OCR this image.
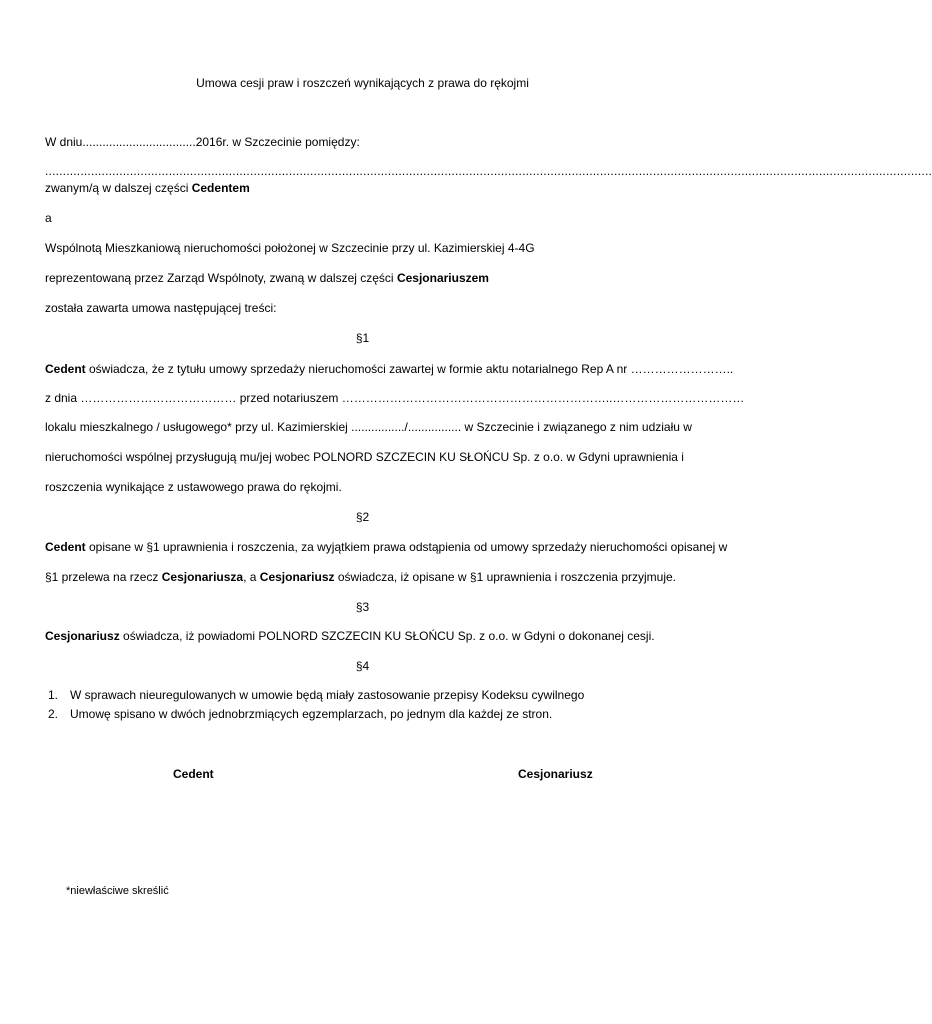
Umowa cesji praw i roszczeń wynikających z prawa do rękojmi
W dniu..................................2016r. w Szczecinie pomiędzy:
...........................................................................................................................................................................................................................................................
zwanym/ą w dalszej części Cedentem
a
Wspólnotą Mieszkaniową nieruchomości położonej w Szczecinie przy ul. Kazimierskiej 4-4G
reprezentowaną przez Zarząd Wspólnoty, zwaną w dalszej części Cesjonariuszem
została zawarta umowa następującej treści:
§1
Cedent oświadcza, że z tytułu umowy sprzedaży nieruchomości zawartej w formie aktu notarialnego Rep A nr ……………………..
z dnia ………………………………… przed notariuszem …………………………………………………………..……………………………
lokalu mieszkalnego / usługowego* przy ul. Kazimierskiej ................/................ w Szczecinie i związanego z nim udziału w
nieruchomości wspólnej przysługują mu/jej wobec POLNORD SZCZECIN KU SŁOŃCU Sp. z o.o. w Gdyni uprawnienia i
roszczenia wynikające z ustawowego prawa do rękojmi.
§2
Cedent opisane w §1 uprawnienia i roszczenia, za wyjątkiem prawa odstąpienia od umowy sprzedaży nieruchomości opisanej w
§1 przelewa na rzecz Cesjonariusza, a Cesjonariusz oświadcza, iż opisane w §1 uprawnienia i roszczenia przyjmuje.
§3
Cesjonariusz oświadcza, iż powiadomi POLNORD SZCZECIN KU SŁOŃCU Sp. z o.o. w Gdyni o dokonanej cesji.
§4
1. W sprawach nieuregulowanych w umowie będą miały zastosowanie przepisy Kodeksu cywilnego
2. Umowę spisano w dwóch jednobrzmiących egzemplarzach, po jednym dla każdej ze stron.
Cedent	Cesjonariusz
*niewłaściwe skreślić
